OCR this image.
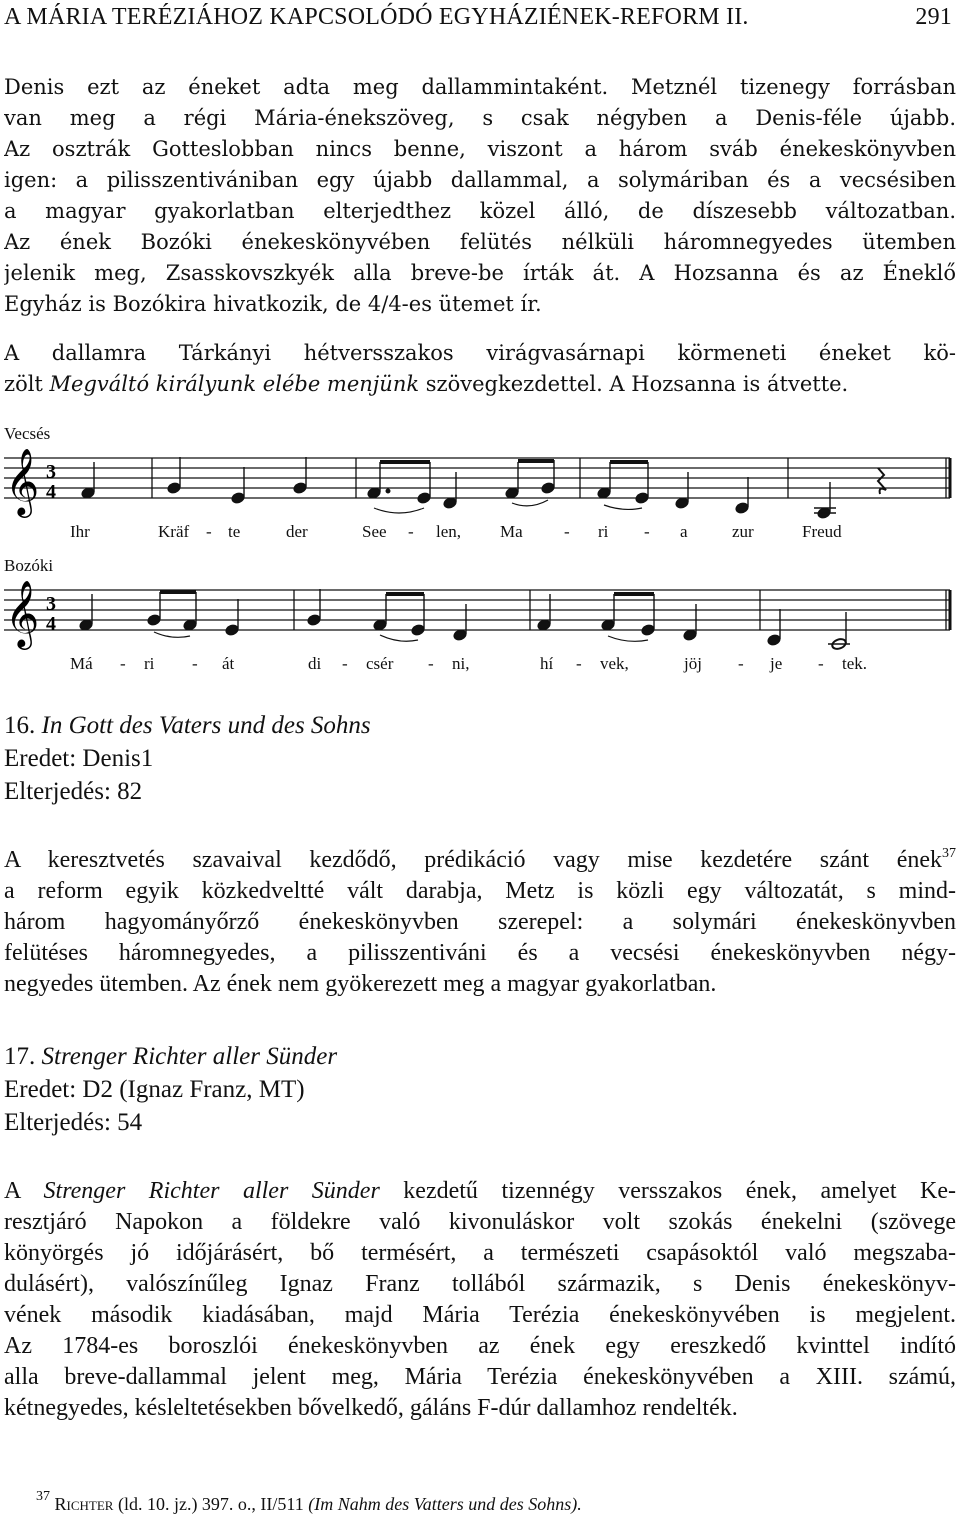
A MÁRIA TERÉZIÁHOZ KAPCSOLÓDÓ EGYHÁZIÉNEK-REFORM II.	291
Denis ezt az éneket adta meg dallammintaként. Metznél tizenegy forrásban
van meg a régi Mária-énekszöveg, s csak négyben a Denis-féle újabb.
Az osztrák Gotteslobban nincs benne, viszont a három sváb énekeskönyvben
igen: a pilisszentivániban egy újabb dallammal, a solymáriban és a vecsésiben
a magyar gyakorlatban elterjedthez közel álló, de díszesebb változatban.
Az ének Bozóki énekeskönyvében felütés nélküli háromnegyedes ütemben
jelenik meg, Zsasskovszkyék alla breve-be írták át. A Hozsanna és az Éneklő
Egyház is Bozókira hivatkozik, de 4/4-es ütemet ír.
A dallamra Tárkányi hétversszakos virágvasárnapi körmeneti éneket kö-
zölt Megváltó királyunk elébe menjünk szövegkezdettel. A Hozsanna is átvette.
Vecsés
𝄞 3
4
Ihr	Kräf - te	der	See - len, Ma - ri - a	zur	Freud
Bozóki
𝄞 3
4
Má - ri - át	di - csér - ni,	hí - vek,	jöj - je - tek.
16. In Gott des Vaters und des Sohns
Eredet: Denis1
Elterjedés: 82
A keresztvetés szavaival kezdődő, prédikáció vagy mise kezdetére szánt ének$^{37}$
a reform egyik közkedveltté vált darabja, Metz is közli egy változatát, s mind-
három hagyományőrző énekeskönyvben szerepel: a solymári énekeskönyvben
felütéses háromnegyedes, a pilisszentiváni és a vecsési énekeskönyvben négy-
negyedes ütemben. Az ének nem gyökerezett meg a magyar gyakorlatban.
17. Strenger Richter aller Sünder
Eredet: D2 (Ignaz Franz, MT)
Elterjedés: 54
A Strenger Richter aller Sünder kezdetű tizennégy versszakos ének, amelyet Ke-
resztjáró Napokon a földekre való kivonuláskor volt szokás énekelni (szövege
könyörgés jó időjárásért, bő termésért, a természeti csapásoktól való megszaba-
dulásért), valószínűleg Ignaz Franz tollából származik, s Denis énekeskönyv-
vének második kiadásában, majd Mária Terézia énekeskönyvében is megjelent.
Az 1784-es boroszlói énekeskönyvben az ének egy ereszkedő kvinttel indító
alla breve-dallammal jelent meg, Mária Terézia énekeskönyvében a XIII. számú,
kétnegyedes, késleltetésekben bővelkedő, gáláns F-dúr dallamhoz rendelték.
$^{37}$ Richter (ld. 10. jz.) 397. o., II/511 (Im Nahm des Vatters und des Sohns).
